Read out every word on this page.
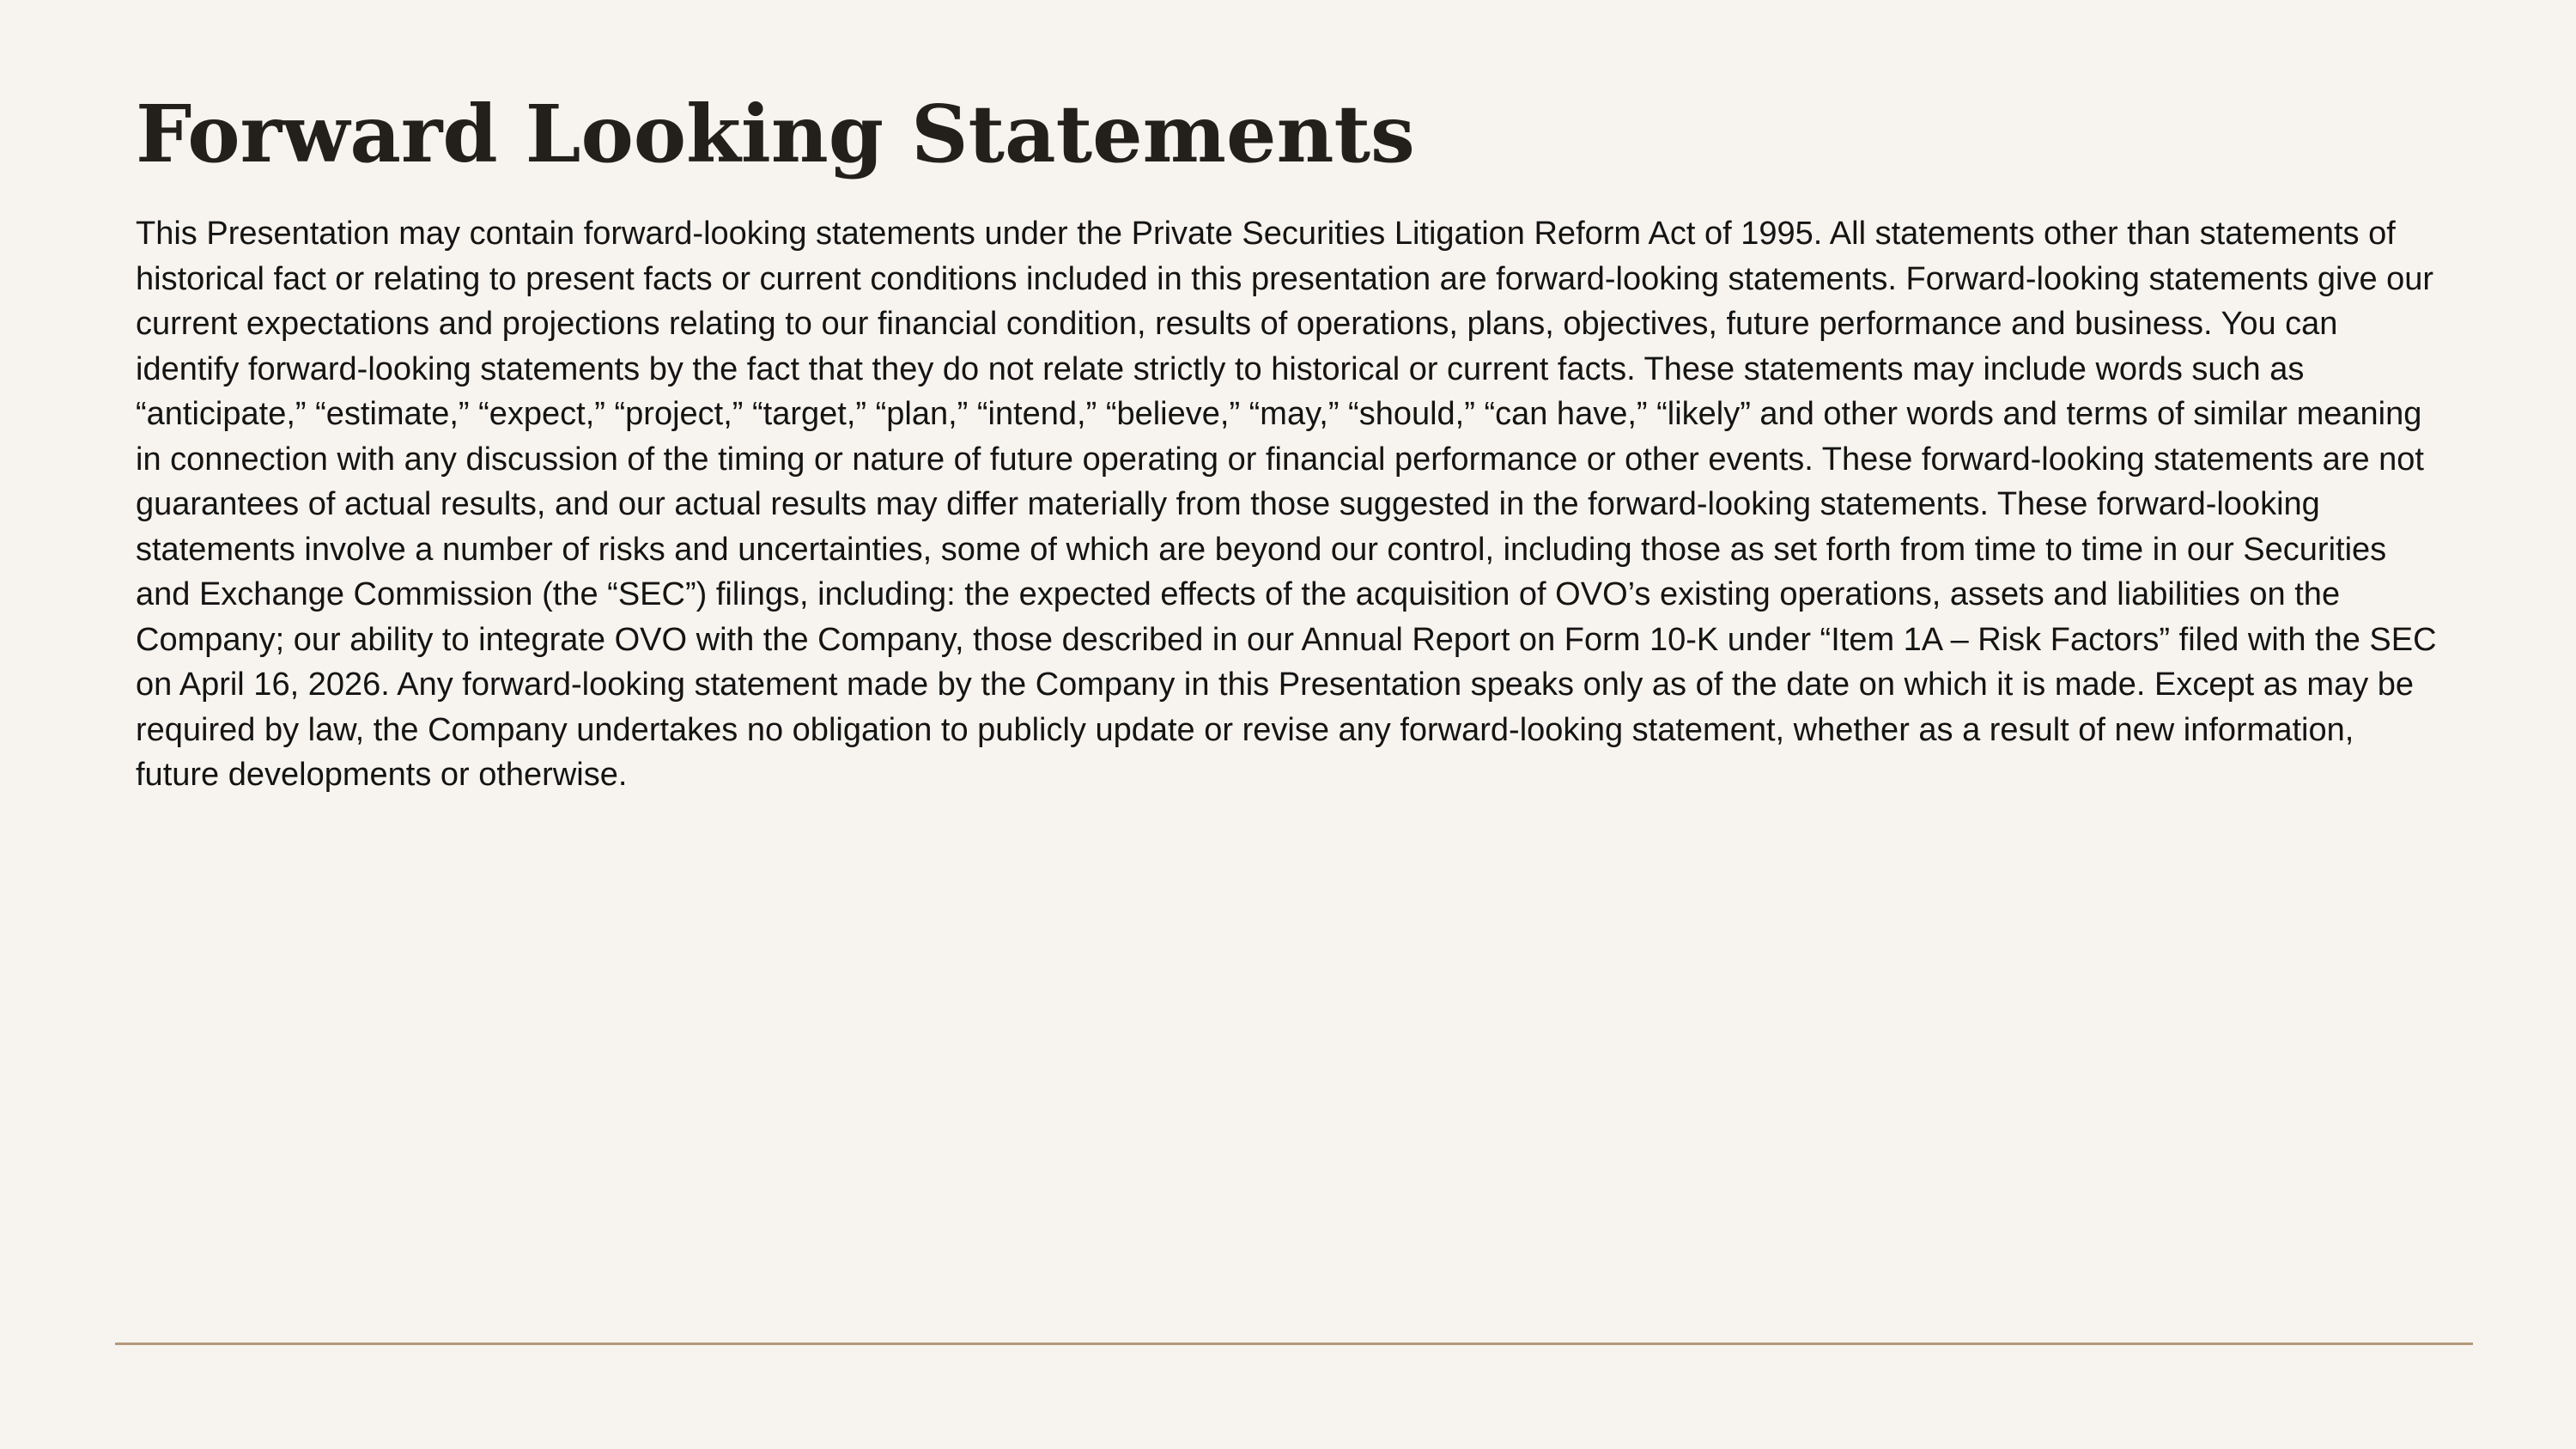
Forward Looking Statements

This Presentation may contain forward-looking statements under the Private Securities Litigation Reform Act of 1995. All statements other than statements of historical fact or relating to present facts or current conditions included in this presentation are forward-looking statements. Forward-looking statements give our current expectations and projections relating to our financial condition, results of operations, plans, objectives, future performance and business. You can identify forward-looking statements by the fact that they do not relate strictly to historical or current facts. These statements may include words such as “anticipate,” “estimate,” “expect,” “project,” “target,” “plan,” “intend,” “believe,” “may,” “should,” “can have,” “likely” and other words and terms of similar meaning in connection with any discussion of the timing or nature of future operating or financial performance or other events. These forward-looking statements are not guarantees of actual results, and our actual results may differ materially from those suggested in the forward-looking statements. These forward-looking statements involve a number of risks and uncertainties, some of which are beyond our control, including those as set forth from time to time in our Securities and Exchange Commission (the “SEC”) filings, including: the expected effects of the acquisition of OVO’s existing operations, assets and liabilities on the Company; our ability to integrate OVO with the Company, those described in our Annual Report on Form 10-K under “Item 1A – Risk Factors” filed with the SEC on April 16, 2026. Any forward-looking statement made by the Company in this Presentation speaks only as of the date on which it is made. Except as may be required by law, the Company undertakes no obligation to publicly update or revise any forward-looking statement, whether as a result of new information, future developments or otherwise.
